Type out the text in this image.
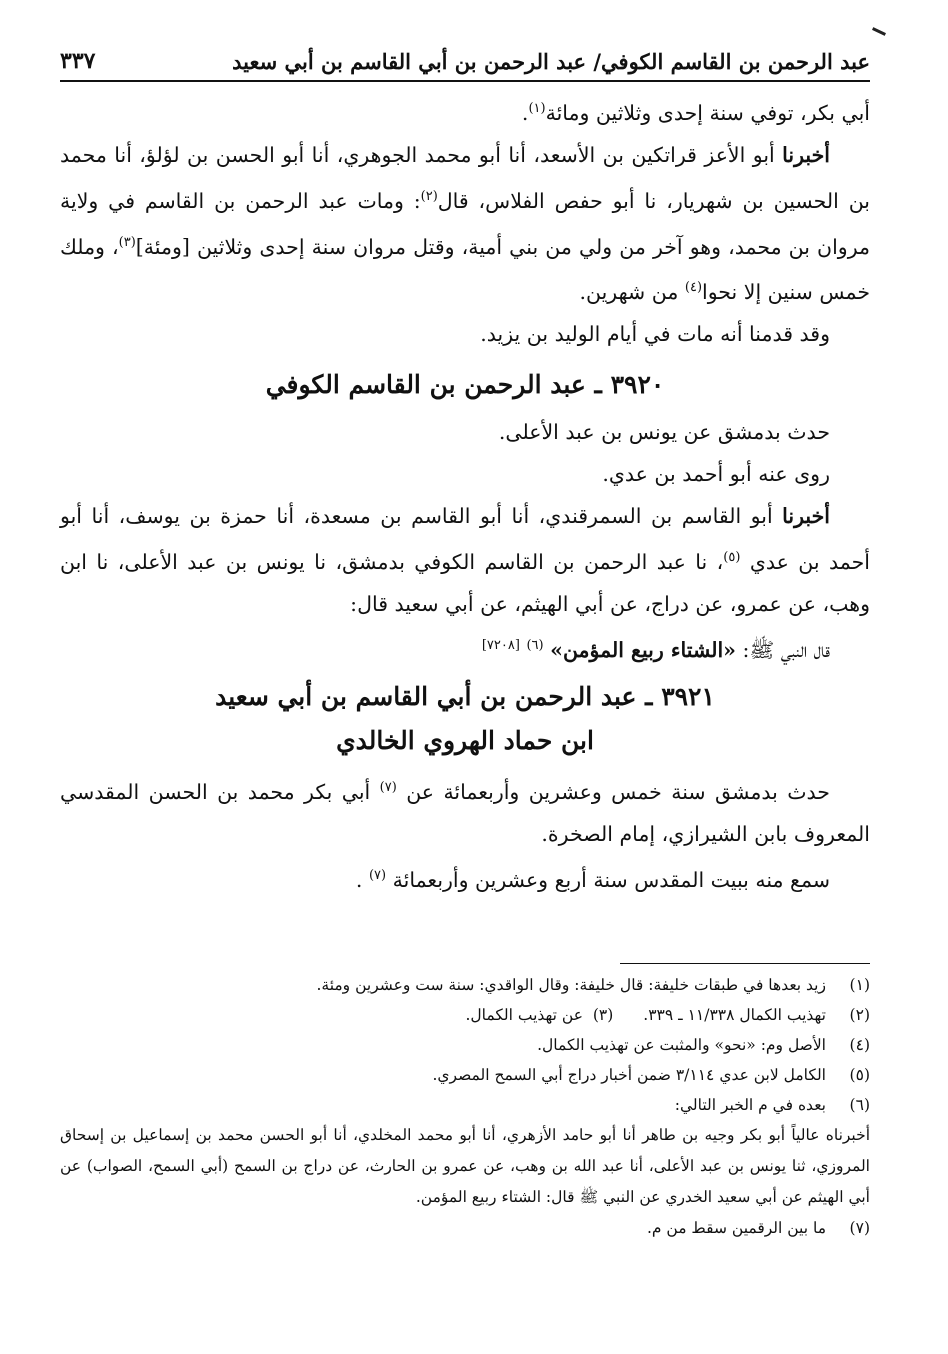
عبد الرحمن بن القاسم الكوفي/ عبد الرحمن بن أبي القاسم بن أبي سعيد
٣٣٧

أبي بكر، توفي سنة إحدى وثلاثين ومائة$^{(١)}$.

أخبرنا أبو الأعز قراتكين بن الأسعد، أنا أبو محمد الجوهري، أنا أبو الحسن بن لؤلؤ، أنا محمد بن الحسين بن شهريار، نا أبو حفص الفلاس، قال$^{(٢)}$: ومات عبد الرحمن بن القاسم في ولاية مروان بن محمد، وهو آخر من ولي من بني أمية، وقتل مروان سنة إحدى وثلاثين [ومئة]$^{(٣)}$، وملك خمس سنين إلا نحوا$^{(٤)}$ من شهرين.

وقد قدمنا أنه مات في أيام الوليد بن يزيد.

٣٩٢٠ ـ عبد الرحمن بن القاسم الكوفي

حدث بدمشق عن يونس بن عبد الأعلى.

روى عنه أبو أحمد بن عدي.

أخبرنا أبو القاسم بن السمرقندي، أنا أبو القاسم بن مسعدة، أنا حمزة بن يوسف، أنا أبو أحمد بن عدي $^{(٥)}$، نا عبد الرحمن بن القاسم الكوفي بدمشق، نا يونس بن عبد الأعلى، نا ابن وهب، عن عمرو، عن دراج، عن أبي الهيثم، عن أبي سعيد قال:

قال النبي ﷺ: «الشتاء ربيع المؤمن» $^{(٦)}$ [٧٢٠٨]

٣٩٢١ ـ عبد الرحمن بن أبي القاسم بن أبي سعيد
ابن حماد الهروي الخالدي

حدث بدمشق سنة خمس وعشرين وأربعمائة عن $^{(٧)}$ أبي بكر محمد بن الحسن المقدسي المعروف بابن الشيرازي، إمام الصخرة.

سمع منه ببيت المقدس سنة أربع وعشرين وأربعمائة $^{(٧)}$ .

(١)
زيد بعدها في طبقات خليفة: قال خليفة: وقال الواقدي: سنة ست وعشرين ومئة.
(٢)
تهذيب الكمال ١١/٣٣٨ ـ ٣٣٩.(٣)  عن تهذيب الكمال.
(٤)
الأصل وم: «نحو» والمثبت عن تهذيب الكمال.
(٥)
الكامل لابن عدي ٣/١١٤ ضمن أخبار دراج أبي السمح المصري.
(٦)
بعده في م الخبر التالي:
أخبرناه عالياً أبو بكر وجيه بن طاهر أنا أبو حامد الأزهري، أنا أبو محمد المخلدي، أنا أبو الحسن محمد بن إسماعيل بن إسحاق المروزي، ثنا يونس بن عبد الأعلى، أنا عبد الله بن وهب، عن عمرو بن الحارث، عن دراج بن السمح (أبي السمح، الصواب) عن أبي الهيثم عن أبي سعيد الخدري عن النبي ﷺ قال: الشتاء ربيع المؤمن.
(٧)
ما بين الرقمين سقط من م.
